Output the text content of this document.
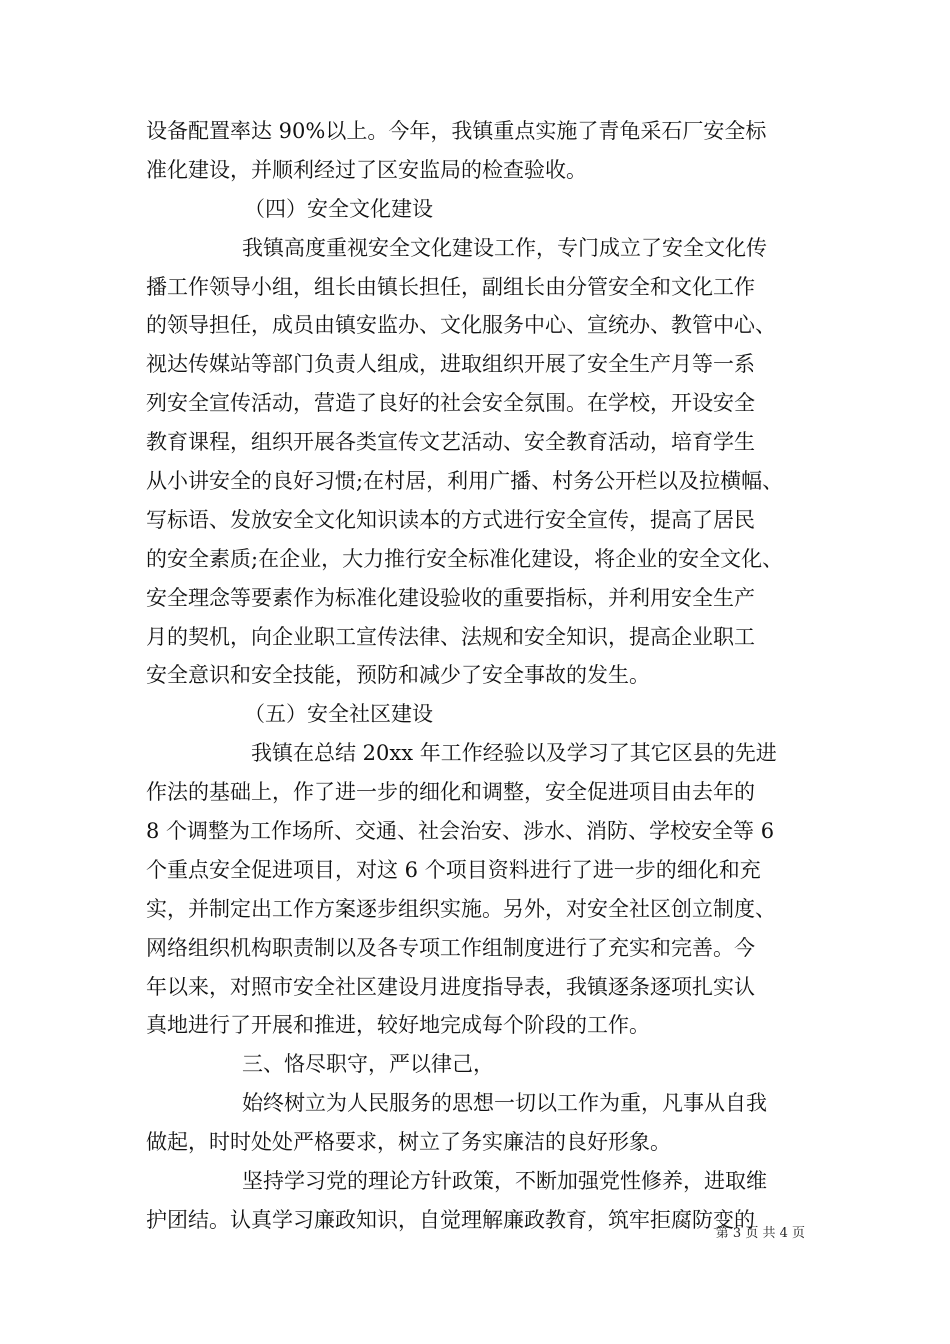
设备配置率达 90%以上。今年，我镇重点实施了青龟采石厂安全标
准化建设，并顺利经过了区安监局的检查验收。
（四）安全文化建设
我镇高度重视安全文化建设工作，专门成立了安全文化传
播工作领导小组，组长由镇长担任，副组长由分管安全和文化工作
的领导担任，成员由镇安监办、文化服务中心、宣统办、教管中心、
视达传媒站等部门负责人组成，进取组织开展了安全生产月等一系
列安全宣传活动，营造了良好的社会安全氛围。在学校，开设安全
教育课程，组织开展各类宣传文艺活动、安全教育活动，培育学生
从小讲安全的良好习惯;在村居，利用广播、村务公开栏以及拉横幅、
写标语、发放安全文化知识读本的方式进行安全宣传，提高了居民
的安全素质;在企业，大力推行安全标准化建设，将企业的安全文化、
安全理念等要素作为标准化建设验收的重要指标，并利用安全生产
月的契机，向企业职工宣传法律、法规和安全知识，提高企业职工
安全意识和安全技能，预防和减少了安全事故的发生。
（五）安全社区建设
我镇在总结 20xx 年工作经验以及学习了其它区县的先进
作法的基础上，作了进一步的细化和调整，安全促进项目由去年的
8 个调整为工作场所、交通、社会治安、涉水、消防、学校安全等 6
个重点安全促进项目，对这 6 个项目资料进行了进一步的细化和充
实，并制定出工作方案逐步组织实施。另外，对安全社区创立制度、
网络组织机构职责制以及各专项工作组制度进行了充实和完善。今
年以来，对照市安全社区建设月进度指导表，我镇逐条逐项扎实认
真地进行了开展和推进，较好地完成每个阶段的工作。
三、恪尽职守，严以律己，
始终树立为人民服务的思想一切以工作为重，凡事从自我
做起，时时处处严格要求，树立了务实廉洁的良好形象。
坚持学习党的理论方针政策，不断加强党性修养，进取维
护团结。认真学习廉政知识，自觉理解廉政教育，筑牢拒腐防变的
第 3 页 共 4 页
